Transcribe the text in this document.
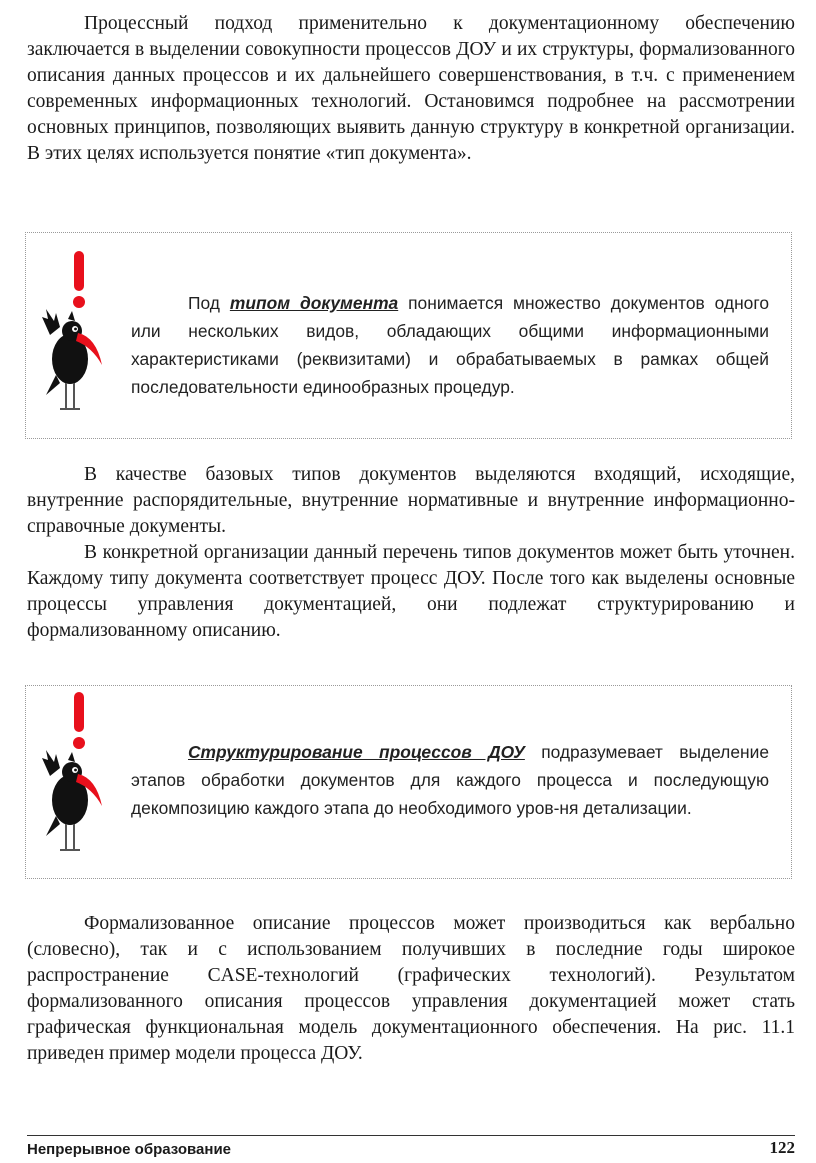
Процессный подход применительно к документационному обеспечению заключается в выделении совокупности процессов ДОУ и их структуры, формализованного описания данных процессов и их дальнейшего совершенствования, в т.ч. с применением современных информационных технологий. Остановимся подробнее на рассмотрении основных принципов, позволяющих выявить данную структуру в конкретной организации. В этих целях используется понятие «тип документа».

Под типом документа понимается множество документов одного или нескольких видов, обладающих общими информационными характеристиками (реквизитами) и обрабатываемых в рамках общей последовательности единообразных процедур.

В качестве базовых типов документов выделяются входящий, исходящие, внутренние распорядительные, внутренние нормативные и внутренние информационно-справочные документы.

В конкретной организации данный перечень типов документов может быть уточнен. Каждому типу документа соответствует процесс ДОУ. После того как выделены основные процессы управления документацией, они подлежат структурированию и формализованному описанию.

Структурирование процессов ДОУ подразумевает выделение этапов обработки документов для каждого процесса и последующую декомпозицию каждого этапа до необходимого уров-ня детализации.

Формализованное описание процессов может производиться как вербально (словесно), так и с использованием получивших в последние годы широкое распространение CASE-технологий (графических технологий). Результатом формализованного описания процессов управления документацией может стать графическая функциональная модель документационного обеспечения. На рис. 11.1 приведен пример модели процесса ДОУ.

Непрерывное образование	122
